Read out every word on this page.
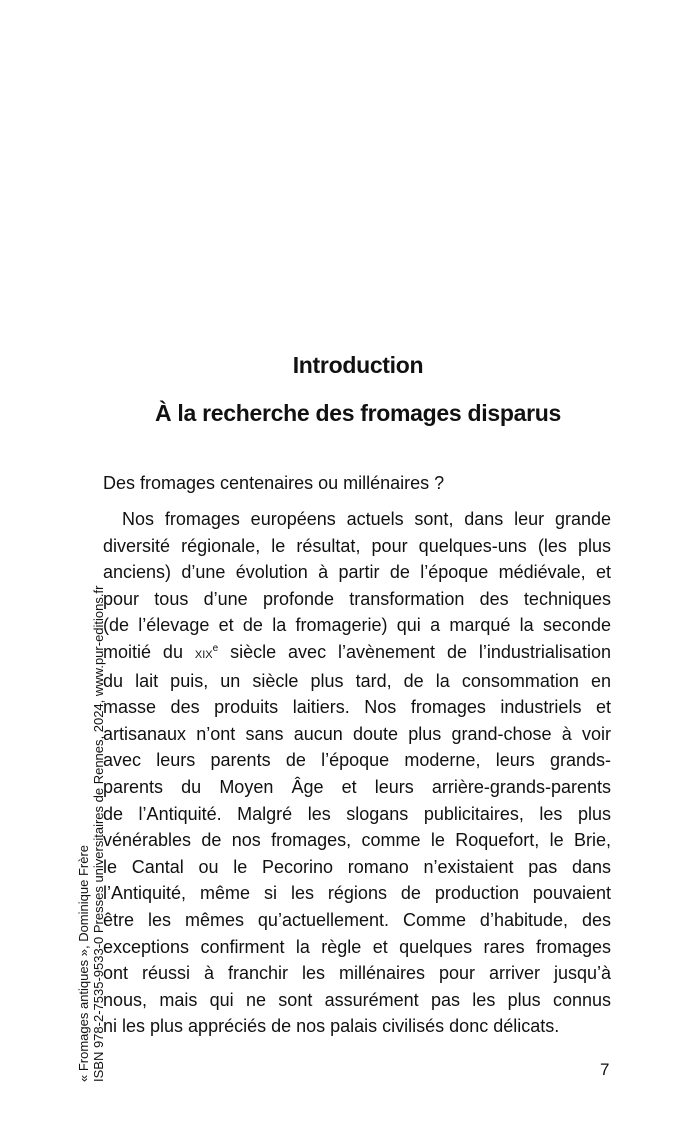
Introduction
À la recherche des fromages disparus

Des fromages centenaires ou millénaires ?

Nos fromages européens actuels sont, dans leur grande
diversité régionale, le résultat, pour quelques-uns (les plus
anciens) d’une évolution à partir de l’époque médiévale, et
pour tous d’une profonde transformation des techniques
(de l’élevage et de la fromagerie) qui a marqué la seconde
moitié du xix$^e$ siècle avec l’avènement de l’industrialisation
du lait puis, un siècle plus tard, de la consommation en
masse des produits laitiers. Nos fromages industriels et
artisanaux n’ont sans aucun doute plus grand-chose à voir
avec leurs parents de l’époque moderne, leurs grands-
parents du Moyen Âge et leurs arrière-grands-parents
de l’Antiquité. Malgré les slogans publicitaires, les plus
vénérables de nos fromages, comme le Roquefort, le Brie,
le Cantal ou le Pecorino romano n’existaient pas dans
l’Antiquité, même si les régions de production pouvaient
être les mêmes qu’actuellement. Comme d’habitude, des
exceptions confirment la règle et quelques rares fromages
ont réussi à franchir les millénaires pour arriver jusqu’à
nous, mais qui ne sont assurément pas les plus connus
ni les plus appréciés de nos palais civilisés donc délicats.

7

« Fromages antiques », Dominique Frère ISBN 978-2-7535-9533-0 Presses universitaires de Rennes, 2024, www.pur-editions.fr
